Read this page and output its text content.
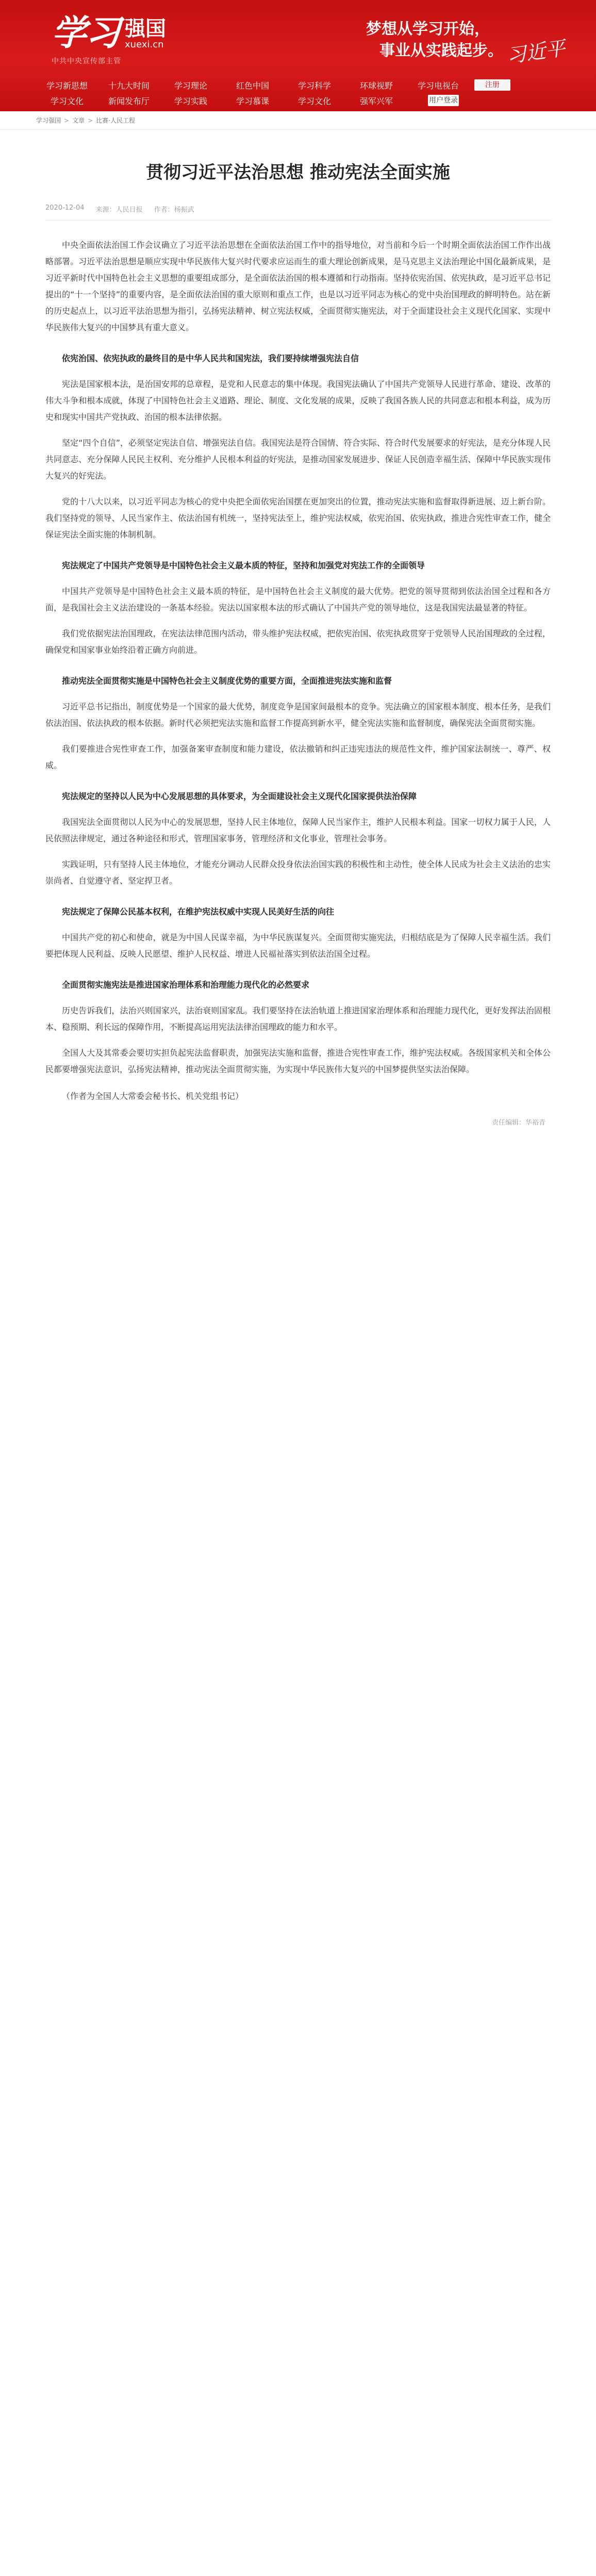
学习 强国
xuexi.cn
中共中央宣传部主管
梦想从学习开始，
事业从实践起步。 习近平
学习新思想	十九大时间	学习理论	红色中国	学习科学	环球视野	学习电视台	注册
学习文化	新闻发布厅	学习实践	学习慕课	学习文化	强军兴军	用户登录
学习强国 > 文章 > 比赛·人民工程
贯彻习近平法治思想 推动宪法全面实施
2020-12-04 来源：人民日报 作者：杨振武

中央全面依法治国工作会议确立了习近平法治思想在全面依法治国工作中的指导地位，对当前和今后一个时期全面依法治国工作作出战略部署。习近平法治思想是顺应实现中华民族伟大复兴时代要求应运而生的重大理论创新成果，是马克思主义法治理论中国化最新成果，是习近平新时代中国特色社会主义思想的重要组成部分，是全面依法治国的根本遵循和行动指南。坚持依宪治国、依宪执政，是习近平总书记提出的“十一个坚持”的重要内容，是全面依法治国的重大原则和重点工作，也是以习近平同志为核心的党中央治国理政的鲜明特色。站在新的历史起点上，以习近平法治思想为指引，弘扬宪法精神、树立宪法权威，全面贯彻实施宪法，对于全面建设社会主义现代化国家、实现中华民族伟大复兴的中国梦具有重大意义。

依宪治国、依宪执政的最终目的是中华人民共和国宪法，我们要持续增强宪法自信

宪法是国家根本法，是治国安邦的总章程，是党和人民意志的集中体现。我国宪法确认了中国共产党领导人民进行革命、建设、改革的伟大斗争和根本成就，体现了中国特色社会主义道路、理论、制度、文化发展的成果，反映了我国各族人民的共同意志和根本利益，成为历史和现实中国共产党执政、治国的根本法律依据。

坚定“四个自信”，必须坚定宪法自信、增强宪法自信。我国宪法是符合国情、符合实际、符合时代发展要求的好宪法，是充分体现人民共同意志、充分保障人民民主权利、充分维护人民根本利益的好宪法，是推动国家发展进步、保证人民创造幸福生活、保障中华民族实现伟大复兴的好宪法。

党的十八大以来，以习近平同志为核心的党中央把全面依宪治国摆在更加突出的位置，推动宪法实施和监督取得新进展、迈上新台阶。我们坚持党的领导、人民当家作主、依法治国有机统一，坚持宪法至上，维护宪法权威，依宪治国、依宪执政，推进合宪性审查工作，健全保证宪法全面实施的体制机制。

宪法规定了中国共产党领导是中国特色社会主义最本质的特征，坚持和加强党对宪法工作的全面领导

中国共产党领导是中国特色社会主义最本质的特征，是中国特色社会主义制度的最大优势。把党的领导贯彻到依法治国全过程和各方面，是我国社会主义法治建设的一条基本经验。宪法以国家根本法的形式确认了中国共产党的领导地位，这是我国宪法最显著的特征。

我们党依据宪法治国理政，在宪法法律范围内活动，带头维护宪法权威，把依宪治国、依宪执政贯穿于党领导人民治国理政的全过程，确保党和国家事业始终沿着正确方向前进。

推动宪法全面贯彻实施是中国特色社会主义制度优势的重要方面，全面推进宪法实施和监督

习近平总书记指出，制度优势是一个国家的最大优势，制度竞争是国家间最根本的竞争。宪法确立的国家根本制度、根本任务，是我们依法治国、依法执政的根本依据。新时代必须把宪法实施和监督工作提高到新水平，健全宪法实施和监督制度，确保宪法全面贯彻实施。

我们要推进合宪性审查工作，加强备案审查制度和能力建设，依法撤销和纠正违宪违法的规范性文件，维护国家法制统一、尊严、权威。

宪法规定的坚持以人民为中心发展思想的具体要求，为全面建设社会主义现代化国家提供法治保障

我国宪法全面贯彻以人民为中心的发展思想，坚持人民主体地位，保障人民当家作主，维护人民根本利益。国家一切权力属于人民，人民依照法律规定，通过各种途径和形式，管理国家事务，管理经济和文化事业，管理社会事务。

实践证明，只有坚持人民主体地位，才能充分调动人民群众投身依法治国实践的积极性和主动性，使全体人民成为社会主义法治的忠实崇尚者、自觉遵守者、坚定捍卫者。

宪法规定了保障公民基本权利，在维护宪法权威中实现人民美好生活的向往

中国共产党的初心和使命，就是为中国人民谋幸福，为中华民族谋复兴。全面贯彻实施宪法，归根结底是为了保障人民幸福生活。我们要把体现人民利益、反映人民愿望、维护人民权益、增进人民福祉落实到依法治国全过程。

全面贯彻实施宪法是推进国家治理体系和治理能力现代化的必然要求

历史告诉我们，法治兴则国家兴，法治衰则国家乱。我们要坚持在法治轨道上推进国家治理体系和治理能力现代化，更好发挥法治固根本、稳预期、利长远的保障作用，不断提高运用宪法法律治国理政的能力和水平。

全国人大及其常委会要切实担负起宪法监督职责，加强宪法实施和监督，推进合宪性审查工作，维护宪法权威。各级国家机关和全体公民都要增强宪法意识，弘扬宪法精神，推动宪法全面贯彻实施，为实现中华民族伟大复兴的中国梦提供坚实法治保障。

（作者为全国人大常委会秘书长、机关党组书记）

责任编辑：华裕青
